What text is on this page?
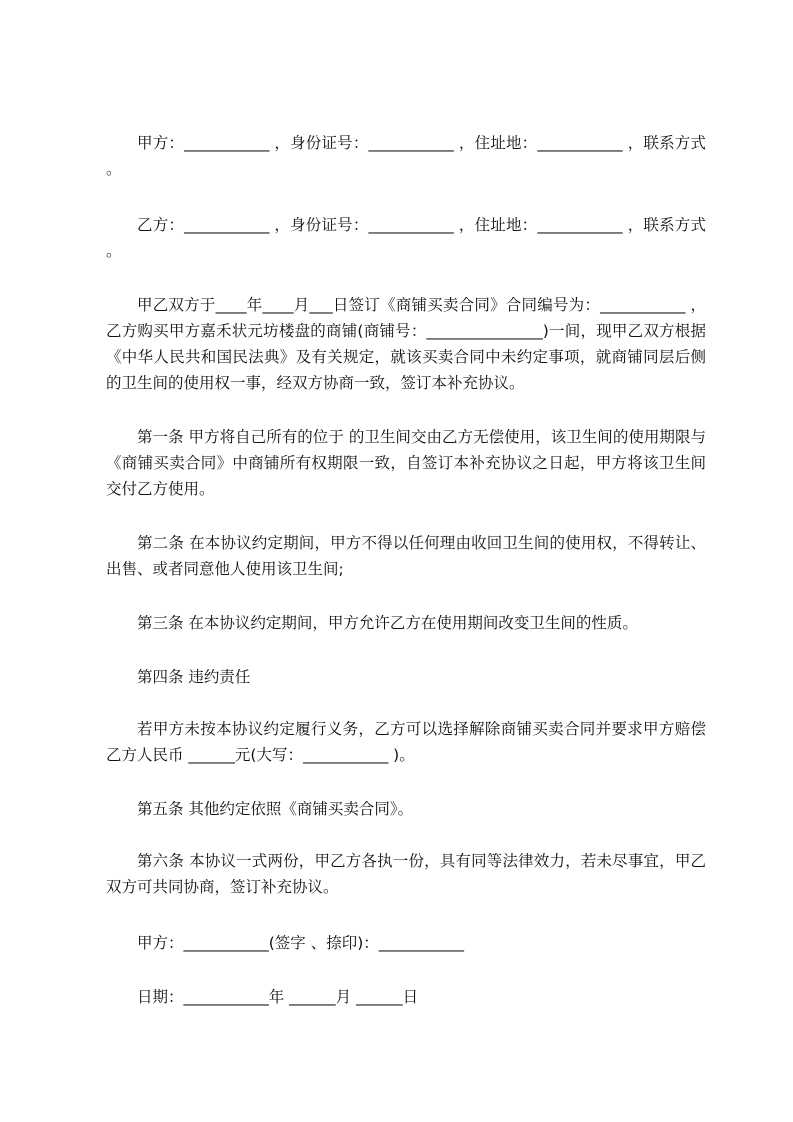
甲方：___________ ，身份证号：___________ ，住址地：___________ ，联系方式 。

乙方：___________ ，身份证号：___________ ，住址地：___________ ，联系方式 。

甲乙双方于____年____月___日签订《商铺买卖合同》合同编号为：___________ ，乙方购买甲方嘉禾状元坊楼盘的商铺(商铺号：_______________)一间，现甲乙双方根据《中华人民共和国民法典》及有关规定，就该买卖合同中未约定事项，就商铺同层后侧的卫生间的使用权一事，经双方协商一致，签订本补充协议。

第一条 甲方将自己所有的位于 的卫生间交由乙方无偿使用，该卫生间的使用期限与《商铺买卖合同》中商铺所有权期限一致，自签订本补充协议之日起，甲方将该卫生间交付乙方使用。

第二条 在本协议约定期间，甲方不得以任何理由收回卫生间的使用权，不得转让、出售、或者同意他人使用该卫生间;

第三条 在本协议约定期间，甲方允许乙方在使用期间改变卫生间的性质。

第四条 违约责任

若甲方未按本协议约定履行义务，乙方可以选择解除商铺买卖合同并要求甲方赔偿乙方人民币 ______元(大写：___________ )。

第五条 其他约定依照《商铺买卖合同》。

第六条 本协议一式两份，甲乙方各执一份，具有同等法律效力，若未尽事宜，甲乙双方可共同协商，签订补充协议。

甲方：___________(签字 、捺印)：___________

日期：___________年 ______月 ______日
